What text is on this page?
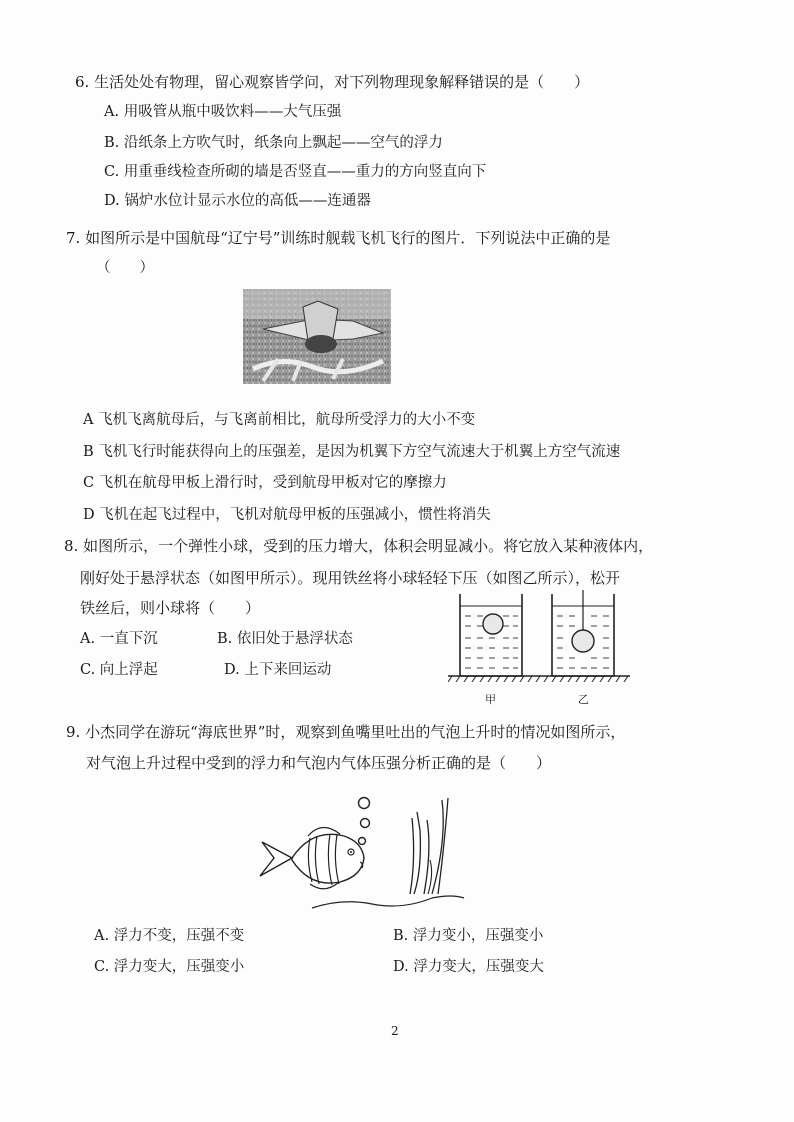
6. 生活处处有物理，留心观察皆学问，对下列物理现象解释错误的是（　　）
A. 用吸管从瓶中吸饮料——大气压强
B. 沿纸条上方吹气时，纸条向上飘起——空气的浮力
C. 用重垂线检查所砌的墙是否竖直——重力的方向竖直向下
D. 锅炉水位计显示水位的高低——连通器
7. 如图所示是中国航母“辽宁号”训练时舰载飞机飞行的图片．下列说法中正确的是
（　　）
A 飞机飞离航母后，与飞离前相比，航母所受浮力的大小不变
B 飞机飞行时能获得向上的压强差，是因为机翼下方空气流速大于机翼上方空气流速
C 飞机在航母甲板上滑行时，受到航母甲板对它的摩擦力
D 飞机在起飞过程中，飞机对航母甲板的压强减小，惯性将消失
8. 如图所示，一个弹性小球，受到的压力增大，体积会明显减小。将它放入某种液体内，
刚好处于悬浮状态（如图甲所示）。现用铁丝将小球轻轻下压（如图乙所示），松开
铁丝后，则小球将（　　）
A. 一直下沉	B. 依旧处于悬浮状态
C. 向上浮起	D. 上下来回运动
甲	乙
9. 小杰同学在游玩“海底世界”时，观察到鱼嘴里吐出的气泡上升时的情况如图所示，
对气泡上升过程中受到的浮力和气泡内气体压强分析正确的是（　　）
A. 浮力不变，压强不变	B. 浮力变小，压强变小
C. 浮力变大，压强变小	D. 浮力变大，压强变大
2
